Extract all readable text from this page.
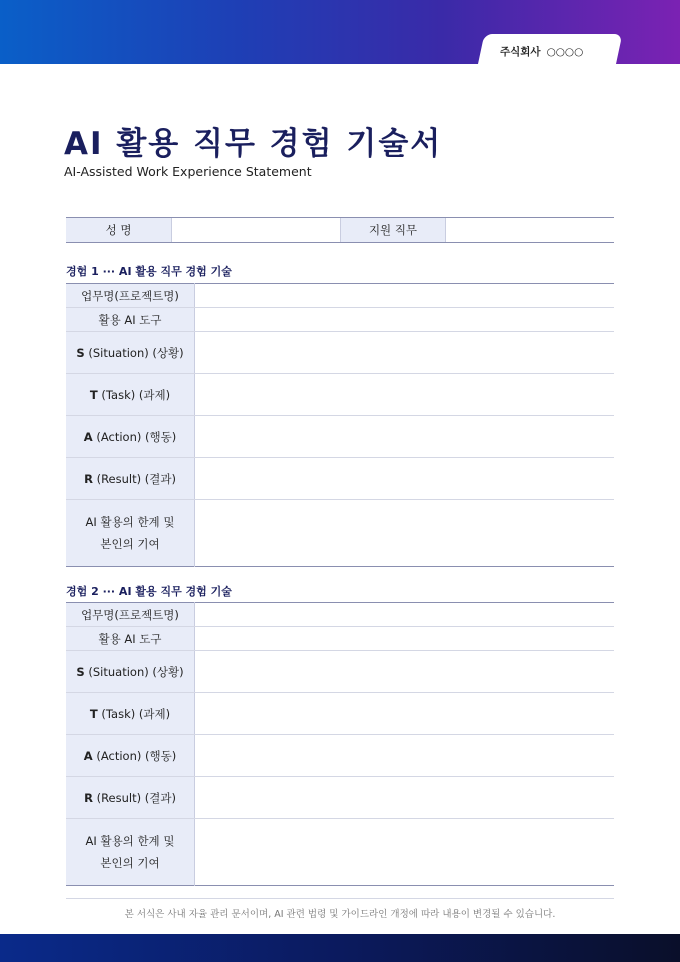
주식회사 ○○○○
AI 활용 직무 경험 기술서
AI-Assisted Work Experience Statement
성 명	지원 직무
경험 1 ··· AI 활용 직무 경험 기술
업무명(프로젝트명)	
활용 AI 도구	
S (Situation) (상황)	
T (Task) (과제)	
A (Action) (행동)	
R (Result) (결과)	
AI 활용의 한계 및
본인의 기여	
경험 2 ··· AI 활용 직무 경험 기술
업무명(프로젝트명)	
활용 AI 도구	
S (Situation) (상황)	
T (Task) (과제)	
A (Action) (행동)	
R (Result) (결과)	
AI 활용의 한계 및
본인의 기여	
본 서식은 사내 자율 관리 문서이며, AI 관련 법령 및 가이드라인 개정에 따라 내용이 변경될 수 있습니다.
